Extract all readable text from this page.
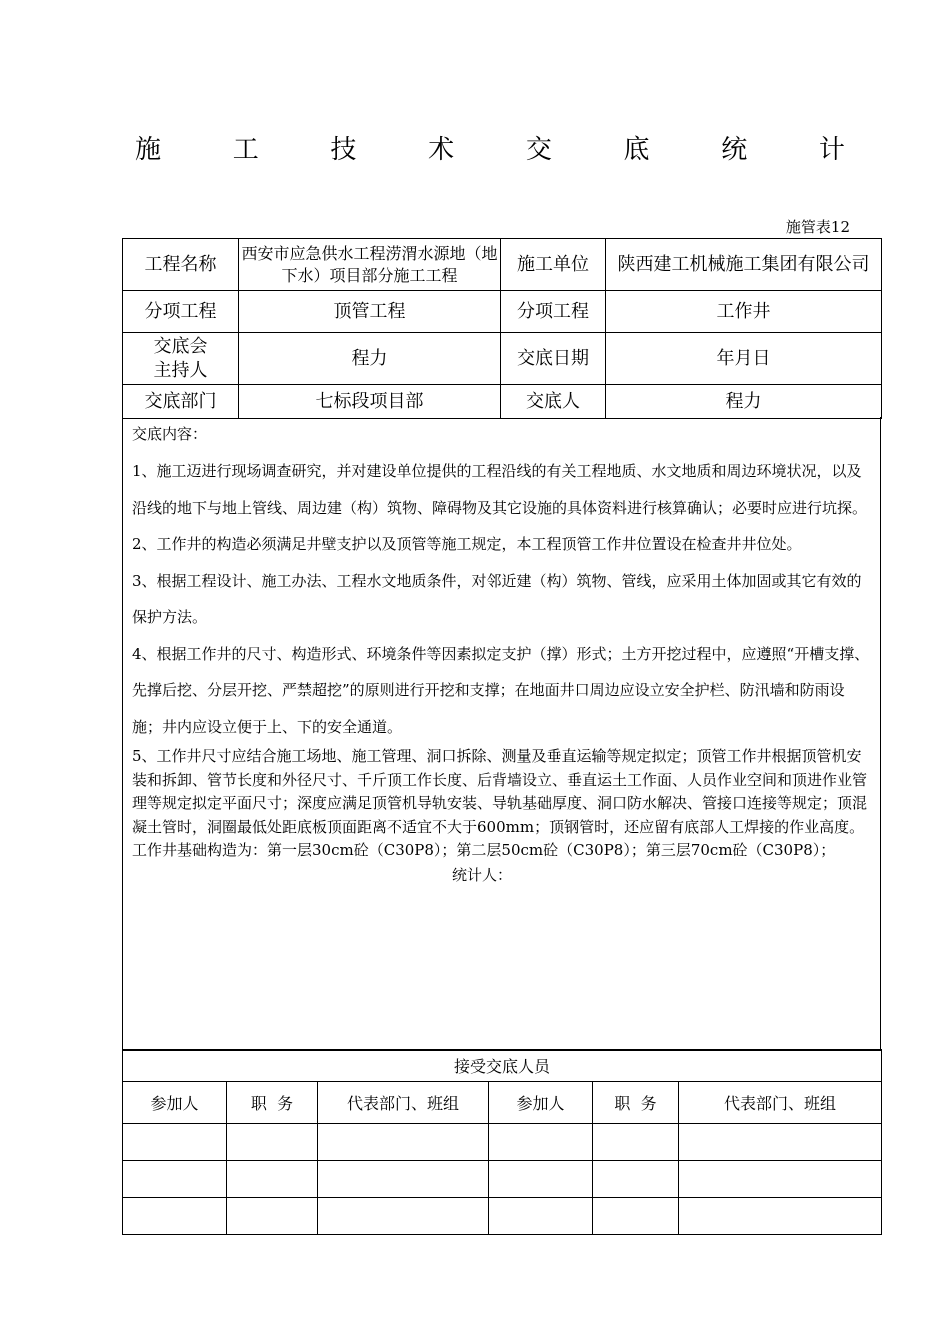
施	工	技	术	交	底	统	计
施管表12
工程名称	西安市应急供水工程涝渭水源地（地下水）项目部分施工工程	施工单位	陕西建工机械施工集团有限公司
分项工程	顶管工程	分项工程	工作井

交底会
主持人	程力	交底日期	年月日
交底部门	七标段项目部	交底人	程力
交底内容：

1、施工迈进行现场调查研究，并对建设单位提供的工程沿线的有关工程地质、水文地质和周边环境状况，以及沿线的地下与地上管线、周边建（构）筑物、障碍物及其它设施的具体资料进行核算确认；必要时应进行坑探。

2、工作井的构造必须满足井壁支护以及顶管等施工规定，本工程顶管工作井位置设在检查井井位处。

3、根据工程设计、施工办法、工程水文地质条件，对邻近建（构）筑物、管线，应采用土体加固或其它有效的保护方法。

4、根据工作井的尺寸、构造形式、环境条件等因素拟定支护（撑）形式；土方开挖过程中，应遵照“开槽支撑、先撑后挖、分层开挖、严禁超挖”的原则进行开挖和支撑；在地面井口周边应设立安全护栏、防汛墙和防雨设施；井内应设立便于上、下的安全通道。

5、工作井尺寸应结合施工场地、施工管理、洞口拆除、测量及垂直运输等规定拟定；顶管工作井根据顶管机安装和拆卸、管节长度和外径尺寸、千斤顶工作长度、后背墙设立、垂直运土工作面、人员作业空间和顶进作业管理等规定拟定平面尺寸；深度应满足顶管机导轨安装、导轨基础厚度、洞口防水解决、管接口连接等规定；顶混凝土管时，洞圈最低处距底板顶面距离不适宜不大于600mm；顶钢管时，还应留有底部人工焊接的作业高度。

工作井基础构造为：第一层30cm砼（C30P8）；第二层50cm砼（C30P8）；第三层70cm砼（C30P8）；

统计人：
接受交底人员					
参加人	职  务	代表部门、班组	参加人	职  务	代表部门、班组
